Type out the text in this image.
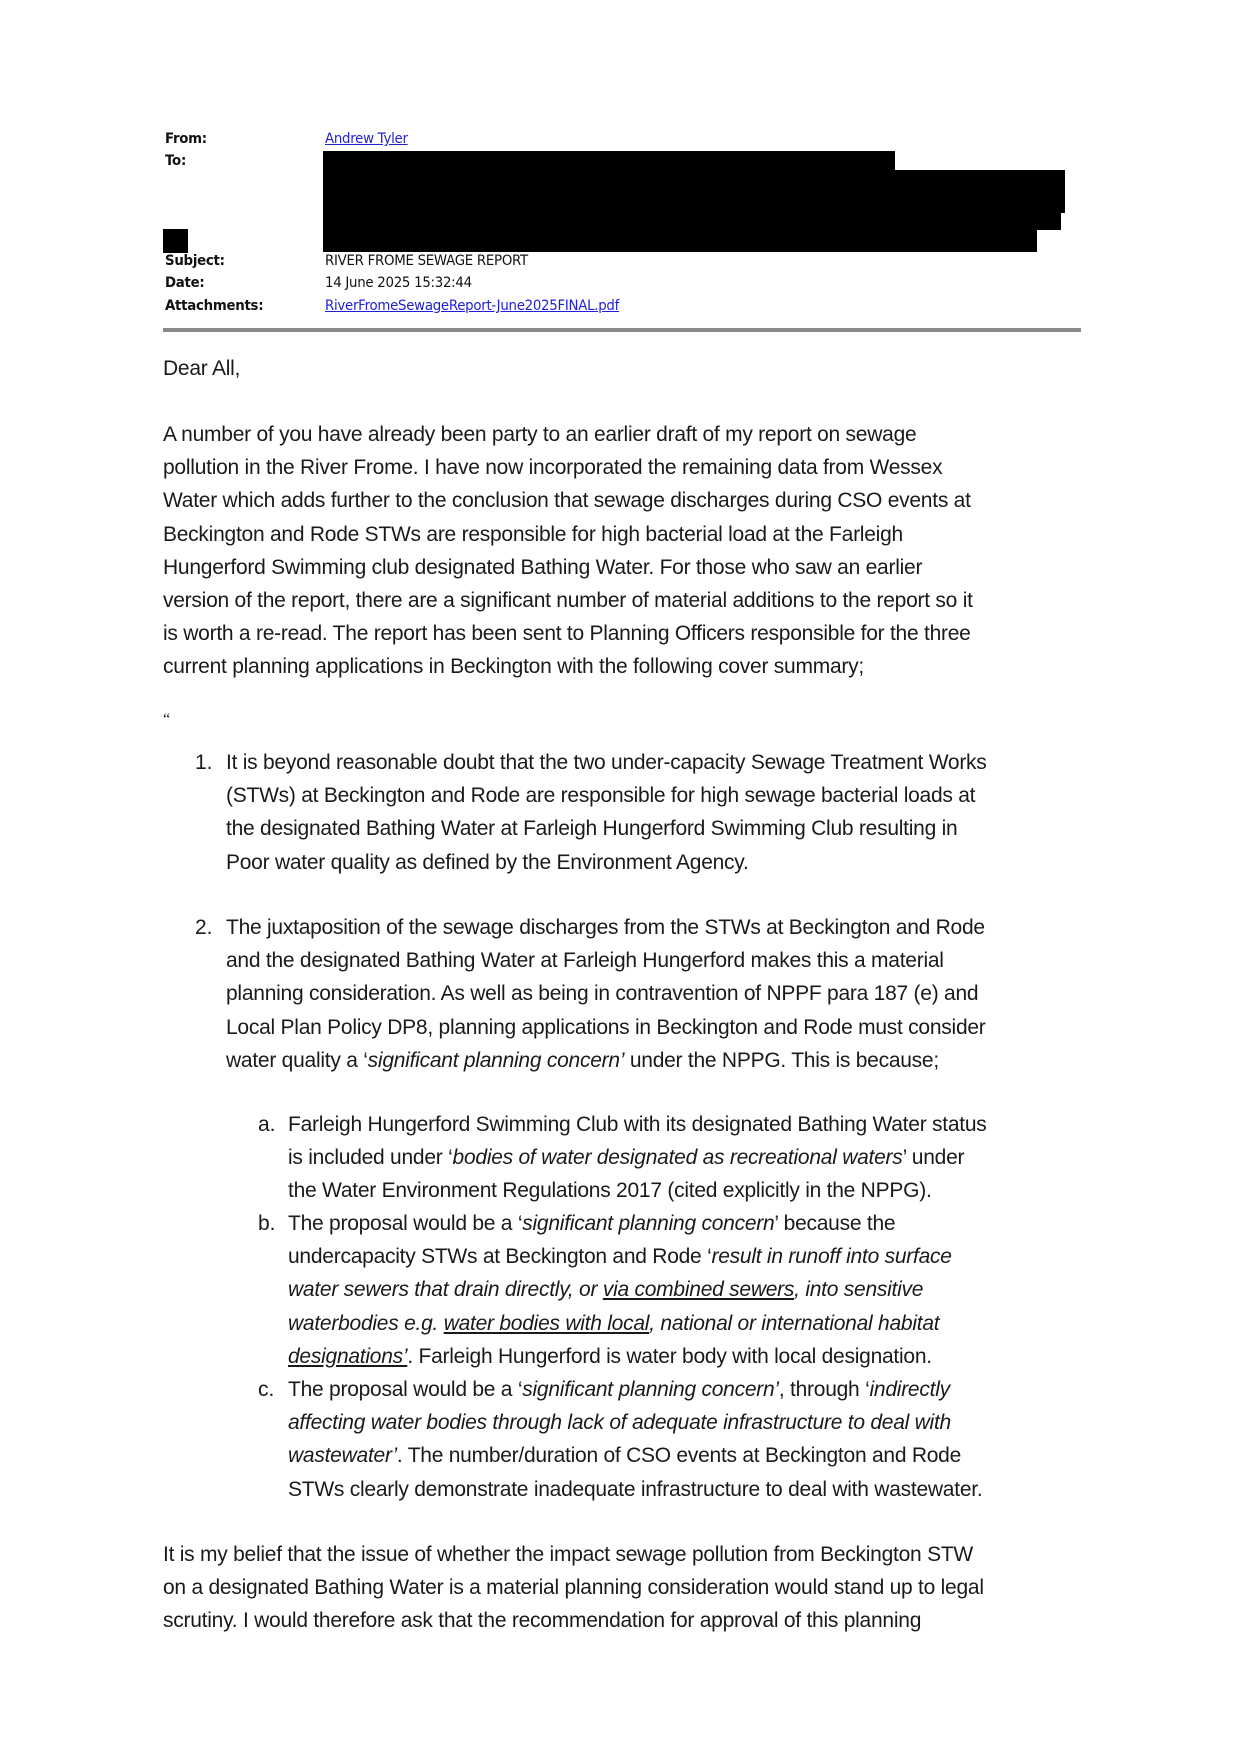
From:	Andrew Tyler
To:
Subject:	RIVER FROME SEWAGE REPORT
Date:	14 June 2025 15:32:44
Attachments:	RiverFromeSewageReport-June2025FINAL.pdf
Dear All,
A number of you have already been party to an earlier draft of my report on sewage
pollution in the River Frome. I have now incorporated the remaining data from Wessex
Water which adds further to the conclusion that sewage discharges during CSO events at
Beckington and Rode STWs are responsible for high bacterial load at the Farleigh
Hungerford Swimming club designated Bathing Water. For those who saw an earlier
version of the report, there are a significant number of material additions to the report so it
is worth a re-read. The report has been sent to Planning Officers responsible for the three
current planning applications in Beckington with the following cover summary;
“
1. It is beyond reasonable doubt that the two under-capacity Sewage Treatment Works
(STWs) at Beckington and Rode are responsible for high sewage bacterial loads at
the designated Bathing Water at Farleigh Hungerford Swimming Club resulting in
Poor water quality as defined by the Environment Agency.
2. The juxtaposition of the sewage discharges from the STWs at Beckington and Rode
and the designated Bathing Water at Farleigh Hungerford makes this a material
planning consideration. As well as being in contravention of NPPF para 187 (e) and
Local Plan Policy DP8, planning applications in Beckington and Rode must consider
water quality a ‘significant planning concern’ under the NPPG. This is because;
a. Farleigh Hungerford Swimming Club with its designated Bathing Water status
is included under ‘bodies of water designated as recreational waters’ under
the Water Environment Regulations 2017 (cited explicitly in the NPPG).
b. The proposal would be a ‘significant planning concern’ because the
undercapacity STWs at Beckington and Rode ‘result in runoff into surface
water sewers that drain directly, or via combined sewers, into sensitive
waterbodies e.g. water bodies with local, national or international habitat
designations’. Farleigh Hungerford is water body with local designation.
c. The proposal would be a ‘significant planning concern’, through ‘indirectly
affecting water bodies through lack of adequate infrastructure to deal with
wastewater’. The number/duration of CSO events at Beckington and Rode
STWs clearly demonstrate inadequate infrastructure to deal with wastewater.
It is my belief that the issue of whether the impact sewage pollution from Beckington STW
on a designated Bathing Water is a material planning consideration would stand up to legal
scrutiny. I would therefore ask that the recommendation for approval of this planning
